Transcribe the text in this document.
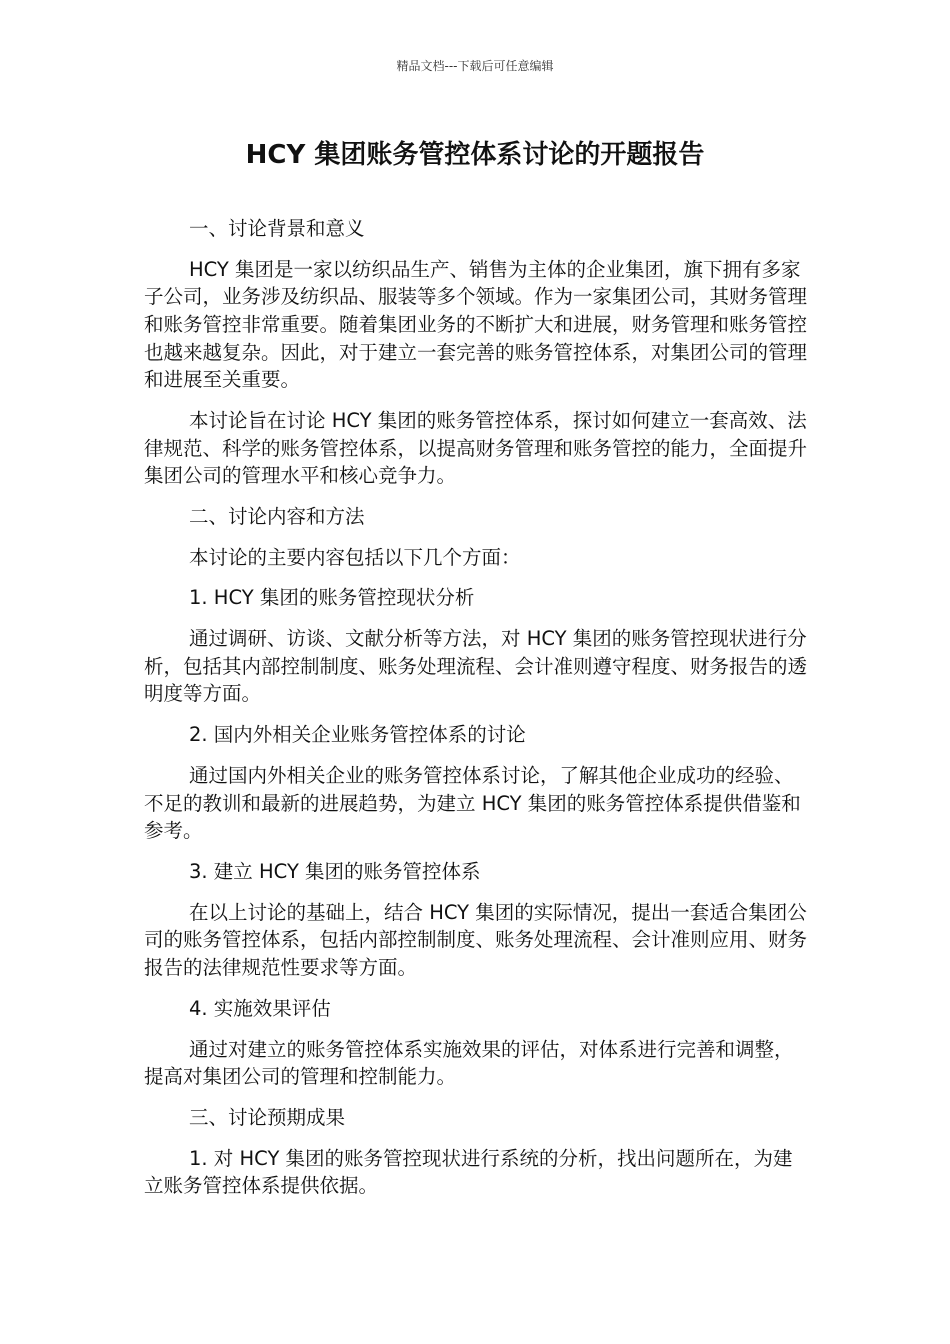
精品文档---下载后可任意编辑
HCY 集团账务管控体系讨论的开题报告

一、讨论背景和意义

HCY 集团是一家以纺织品生产、销售为主体的企业集团，旗下拥有多家子公司，业务涉及纺织品、服装等多个领域。作为一家集团公司，其财务管理和账务管控非常重要。随着集团业务的不断扩大和进展，财务管理和账务管控也越来越复杂。因此，对于建立一套完善的账务管控体系，对集团公司的管理和进展至关重要。

本讨论旨在讨论 HCY 集团的账务管控体系，探讨如何建立一套高效、法律规范、科学的账务管控体系，以提高财务管理和账务管控的能力，全面提升集团公司的管理水平和核心竞争力。

二、讨论内容和方法

本讨论的主要内容包括以下几个方面：

1. HCY 集团的账务管控现状分析

通过调研、访谈、文献分析等方法，对 HCY 集团的账务管控现状进行分析，包括其内部控制制度、账务处理流程、会计准则遵守程度、财务报告的透明度等方面。

2. 国内外相关企业账务管控体系的讨论

通过国内外相关企业的账务管控体系讨论，了解其他企业成功的经验、不足的教训和最新的进展趋势，为建立 HCY 集团的账务管控体系提供借鉴和参考。

3. 建立 HCY 集团的账务管控体系

在以上讨论的基础上，结合 HCY 集团的实际情况，提出一套适合集团公司的账务管控体系，包括内部控制制度、账务处理流程、会计准则应用、财务报告的法律规范性要求等方面。

4. 实施效果评估

通过对建立的账务管控体系实施效果的评估，对体系进行完善和调整，提高对集团公司的管理和控制能力。

三、讨论预期成果

1. 对 HCY 集团的账务管控现状进行系统的分析，找出问题所在，为建立账务管控体系提供依据。
